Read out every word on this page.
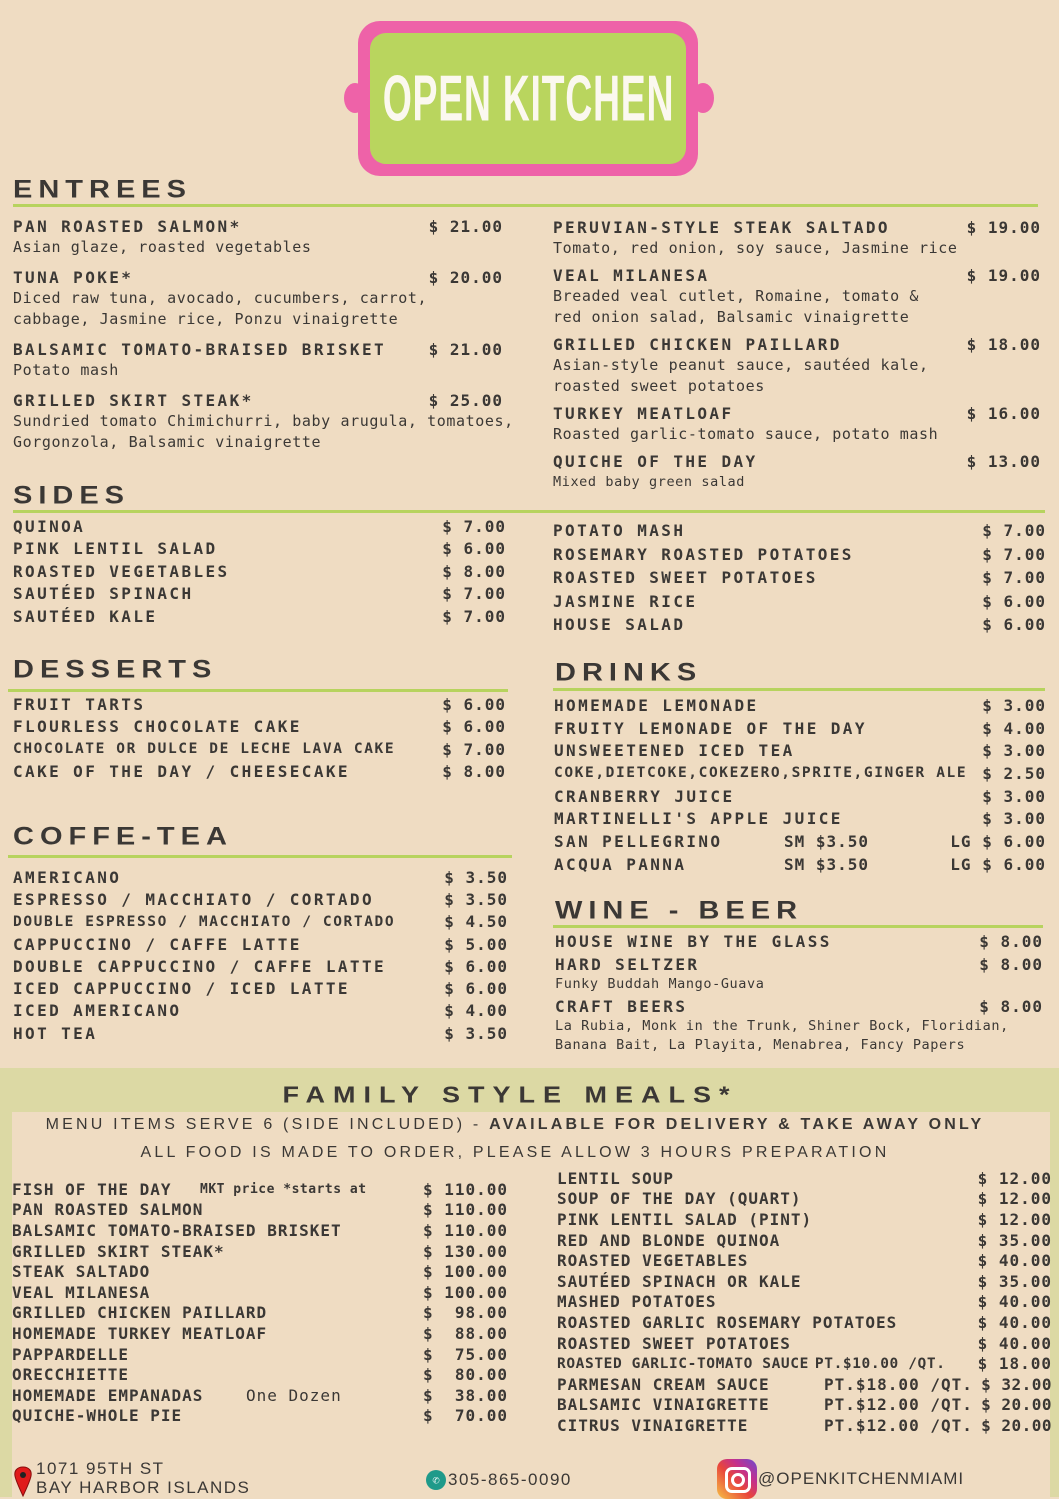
OPEN KITCHEN
ENTREES
PAN ROASTED SALMON*	$ 21.00
Asian glaze, roasted vegetables
TUNA POKE*	$ 20.00
Diced raw tuna, avocado, cucumbers, carrot,
cabbage, Jasmine rice, Ponzu vinaigrette
BALSAMIC TOMATO-BRAISED BRISKET	$ 21.00
Potato mash
GRILLED SKIRT STEAK*	$ 25.00
Sundried tomato Chimichurri, baby arugula, tomatoes,
Gorgonzola, Balsamic vinaigrette
PERUVIAN-STYLE STEAK SALTADO	$ 19.00
Tomato, red onion, soy sauce, Jasmine rice
VEAL MILANESA	$ 19.00
Breaded veal cutlet, Romaine, tomato &
red onion salad, Balsamic vinaigrette
GRILLED CHICKEN PAILLARD	$ 18.00
Asian-style peanut sauce, sautéed kale,
roasted sweet potatoes
TURKEY MEATLOAF	$ 16.00
Roasted garlic-tomato sauce, potato mash
QUICHE OF THE DAY	$ 13.00
Mixed baby green salad
SIDES
QUINOA	$ 7.00
PINK LENTIL SALAD	$ 6.00
ROASTED VEGETABLES	$ 8.00
SAUTÉED SPINACH	$ 7.00
SAUTÉED KALE	$ 7.00
POTATO MASH	$ 7.00
ROSEMARY ROASTED POTATOES	$ 7.00
ROASTED SWEET POTATOES	$ 7.00
JASMINE RICE	$ 6.00
HOUSE SALAD	$ 6.00
DESSERTS
FRUIT TARTS	$ 6.00
FLOURLESS CHOCOLATE CAKE	$ 6.00
CHOCOLATE OR DULCE DE LECHE LAVA CAKE	$ 7.00
CAKE OF THE DAY / CHEESECAKE	$ 8.00
COFFE-TEA
AMERICANO	$ 3.50
ESPRESSO / MACCHIATO / CORTADO	$ 3.50
DOUBLE ESPRESSO / MACCHIATO / CORTADO	$ 4.50
CAPPUCCINO / CAFFE LATTE	$ 5.00
DOUBLE CAPPUCCINO / CAFFE LATTE	$ 6.00
ICED CAPPUCCINO / ICED LATTE	$ 6.00
ICED AMERICANO	$ 4.00
HOT TEA	$ 3.50
DRINKS
HOMEMADE LEMONADE	$ 3.00
FRUITY LEMONADE OF THE DAY	$ 4.00
UNSWEETENED ICED TEA	$ 3.00
COKE,DIETCOKE,COKEZERO,SPRITE,GINGER ALE $ 2.50
CRANBERRY JUICE	$ 3.00
MARTINELLI'S APPLE JUICE	$ 3.00
SAN PELLEGRINO	SM $3.50	LG $ 6.00
ACQUA PANNA	SM $3.50	LG $ 6.00
WINE - BEER
HOUSE WINE BY THE GLASS	$ 8.00
HARD SELTZER	$ 8.00
Funky Buddah Mango-Guava
CRAFT BEERS	$ 8.00
La Rubia, Monk in the Trunk, Shiner Bock, Floridian,
Banana Bait, La Playita, Menabrea, Fancy Papers
FAMILY STYLE MEALS*
MENU ITEMS SERVE 6 (SIDE INCLUDED) - AVAILABLE FOR DELIVERY & TAKE AWAY ONLY
ALL FOOD IS MADE TO ORDER, PLEASE ALLOW 3 HOURS PREPARATION
FISH OF THE DAY	MKT price *starts at	$ 110.00
PAN ROASTED SALMON	$ 110.00
BALSAMIC TOMATO-BRAISED BRISKET	$ 110.00
GRILLED SKIRT STEAK*	$ 130.00
STEAK SALTADO	$ 100.00
VEAL MILANESA	$ 100.00
GRILLED CHICKEN PAILLARD	$  98.00
HOMEMADE TURKEY MEATLOAF	$  88.00
PAPPARDELLE	$  75.00
ORECCHIETTE	$  80.00
HOMEMADE EMPANADAS	One Dozen	$  38.00
QUICHE-WHOLE PIE	$  70.00
LENTIL SOUP	$ 12.00
SOUP OF THE DAY (QUART)	$ 12.00
PINK LENTIL SALAD (PINT)	$ 12.00
RED AND BLONDE QUINOA	$ 35.00
ROASTED VEGETABLES	$ 40.00
SAUTÉED SPINACH OR KALE	$ 35.00
MASHED POTATOES	$ 40.00
ROASTED GARLIC ROSEMARY POTATOES	$ 40.00
ROASTED SWEET POTATOES	$ 40.00
ROASTED GARLIC-TOMATO SAUCE PT.$10.00 /QT.	$ 18.00
PARMESAN CREAM SAUCE	PT.$18.00 /QT. $ 32.00
BALSAMIC VINAIGRETTE	PT.$12.00 /QT. $ 20.00
CITRUS VINAIGRETTE	PT.$12.00 /QT. $ 20.00
1071 95TH ST
BAY HARBOR ISLANDS	✆ 305-865-0090	@OPENKITCHENMIAMI
